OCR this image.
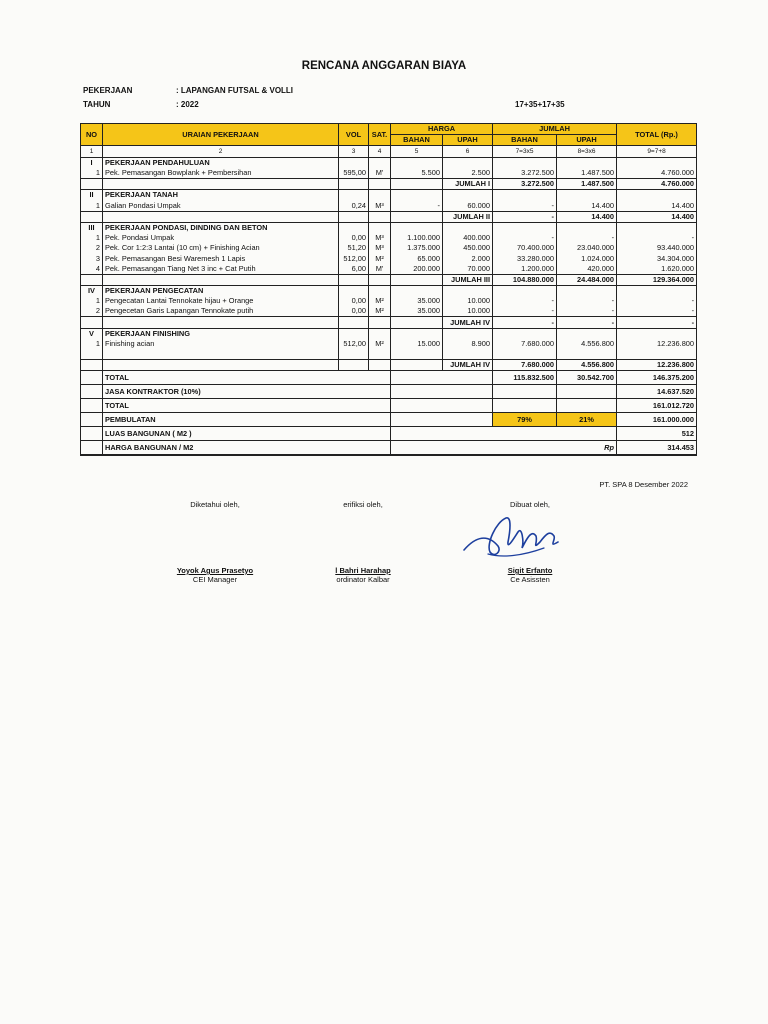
RENCANA ANGGARAN BIAYA
PEKERJAAN	: LAPANGAN FUTSAL & VOLLI
TAHUN	: 2022	17+35+17+35
NO	URAIAN PEKERJAAN	VOL	SAT.	HARGA		JUMLAH		TOTAL (Rp.)
				BAHAN	UPAH	BAHAN	UPAH	
1	2	3	4	5	6	7=3x5	8=3x6	9=7+8
I	PEKERJAAN PENDAHULUAN							
1	Pek. Pemasangan Bowplank + Pembersihan	595,00	M'	5.500	2.500	3.272.500	1.487.500	4.760.000
					JUMLAH I	3.272.500	1.487.500	4.760.000
II	PEKERJAAN TANAH							
1	Galian Pondasi Umpak	0,24	M³	-	60.000	-	14.400	14.400
					JUMLAH II	-	14.400	14.400
III	PEKERJAAN PONDASI, DINDING DAN BETON							
1	Pek. Pondasi Umpak	0,00	M³	1.100.000	400.000	-	-	-
2	Pek. Cor 1:2:3 Lantai (10 cm) + Finishing Acian	51,20	M³	1.375.000	450.000	70.400.000	23.040.000	93.440.000
3	Pek. Pemasangan Besi Waremesh 1 Lapis	512,00	M²	65.000	2.000	33.280.000	1.024.000	34.304.000
4	Pek. Pemasangan Tiang Net 3 inc + Cat Putih	6,00	M'	200.000	70.000	1.200.000	420.000	1.620.000
					JUMLAH III	104.880.000	24.484.000	129.364.000
IV	PEKERJAAN PENGECATAN							
1	Pengecatan Lantai Tennokate hijau + Orange	0,00	M²	35.000	10.000	-	-	-
2	Pengecetan Garis Lapangan Tennokate putih	0,00	M²	35.000	10.000	-	-	-
					JUMLAH IV	-	-	-
V	PEKERJAAN FINISHING							
1	Finishing acian	512,00	M²	15.000	8.900	7.680.000	4.556.800	12.236.800

					JUMLAH IV	7.680.000	4.556.800	12.236.800
	TOTAL					115.832.500	30.542.700	146.375.200
	JASA KONTRAKTOR (10%)							14.637.520
	TOTAL							161.012.720
	PEMBULATAN					79%	21%	161.000.000
	LUAS BANGUNAN ( M2 )							512
	HARGA BANGUNAN / M2			Rp				314.453
PT. SPA 8 Desember 2022
Diketahui oleh,
Yoyok Agus Prasetyo
CEI Manager
erifiksi oleh,
l Bahri Harahap
ordinator Kalbar
Dibuat oleh,
Sigit Erfanto
Ce Asissten
